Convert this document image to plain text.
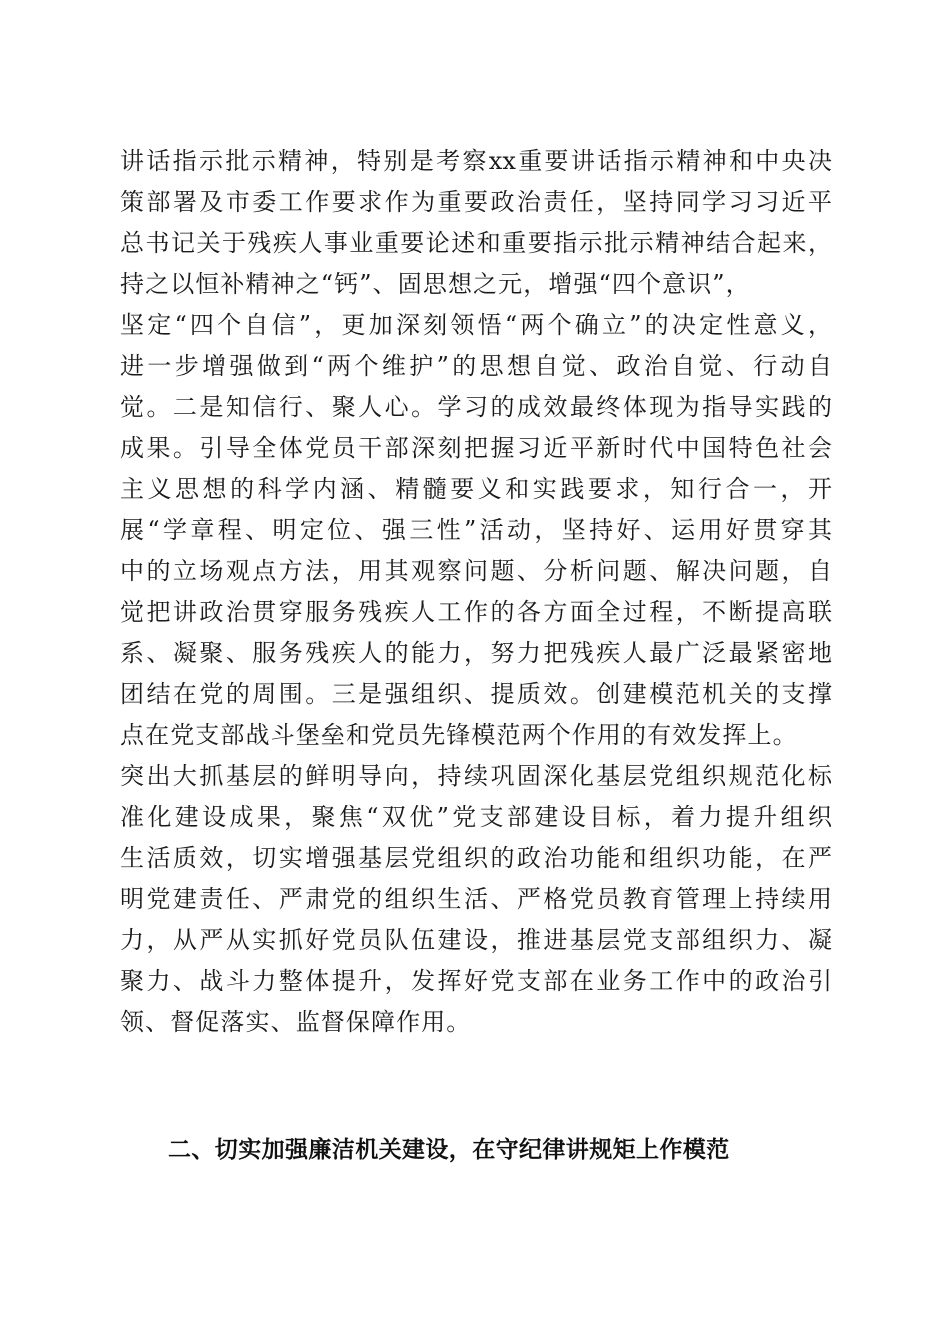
讲话指示批示精神，特别是考察xx重要讲话指示精神和中央决
策部署及市委工作要求作为重要政治责任，坚持同学习习近平
总书记关于残疾人事业重要论述和重要指示批示精神结合起来，
持之以恒补精神之“钙”、固思想之元，增强“四个意识”，
坚定“四个自信”，更加深刻领悟“两个确立”的决定性意义，
进一步增强做到“两个维护”的思想自觉、政治自觉、行动自
觉。二是知信行、聚人心。学习的成效最终体现为指导实践的
成果。引导全体党员干部深刻把握习近平新时代中国特色社会
主义思想的科学内涵、精髓要义和实践要求，知行合一，开
展“学章程、明定位、强三性”活动，坚持好、运用好贯穿其
中的立场观点方法，用其观察问题、分析问题、解决问题，自
觉把讲政治贯穿服务残疾人工作的各方面全过程，不断提高联
系、凝聚、服务残疾人的能力，努力把残疾人最广泛最紧密地
团结在党的周围。三是强组织、提质效。创建模范机关的支撑
点在党支部战斗堡垒和党员先锋模范两个作用的有效发挥上。
突出大抓基层的鲜明导向，持续巩固深化基层党组织规范化标
准化建设成果，聚焦“双优”党支部建设目标，着力提升组织
生活质效，切实增强基层党组织的政治功能和组织功能，在严
明党建责任、严肃党的组织生活、严格党员教育管理上持续用
力，从严从实抓好党员队伍建设，推进基层党支部组织力、凝
聚力、战斗力整体提升，发挥好党支部在业务工作中的政治引
领、督促落实、监督保障作用。
二、切实加强廉洁机关建设，在守纪律讲规矩上作模范
